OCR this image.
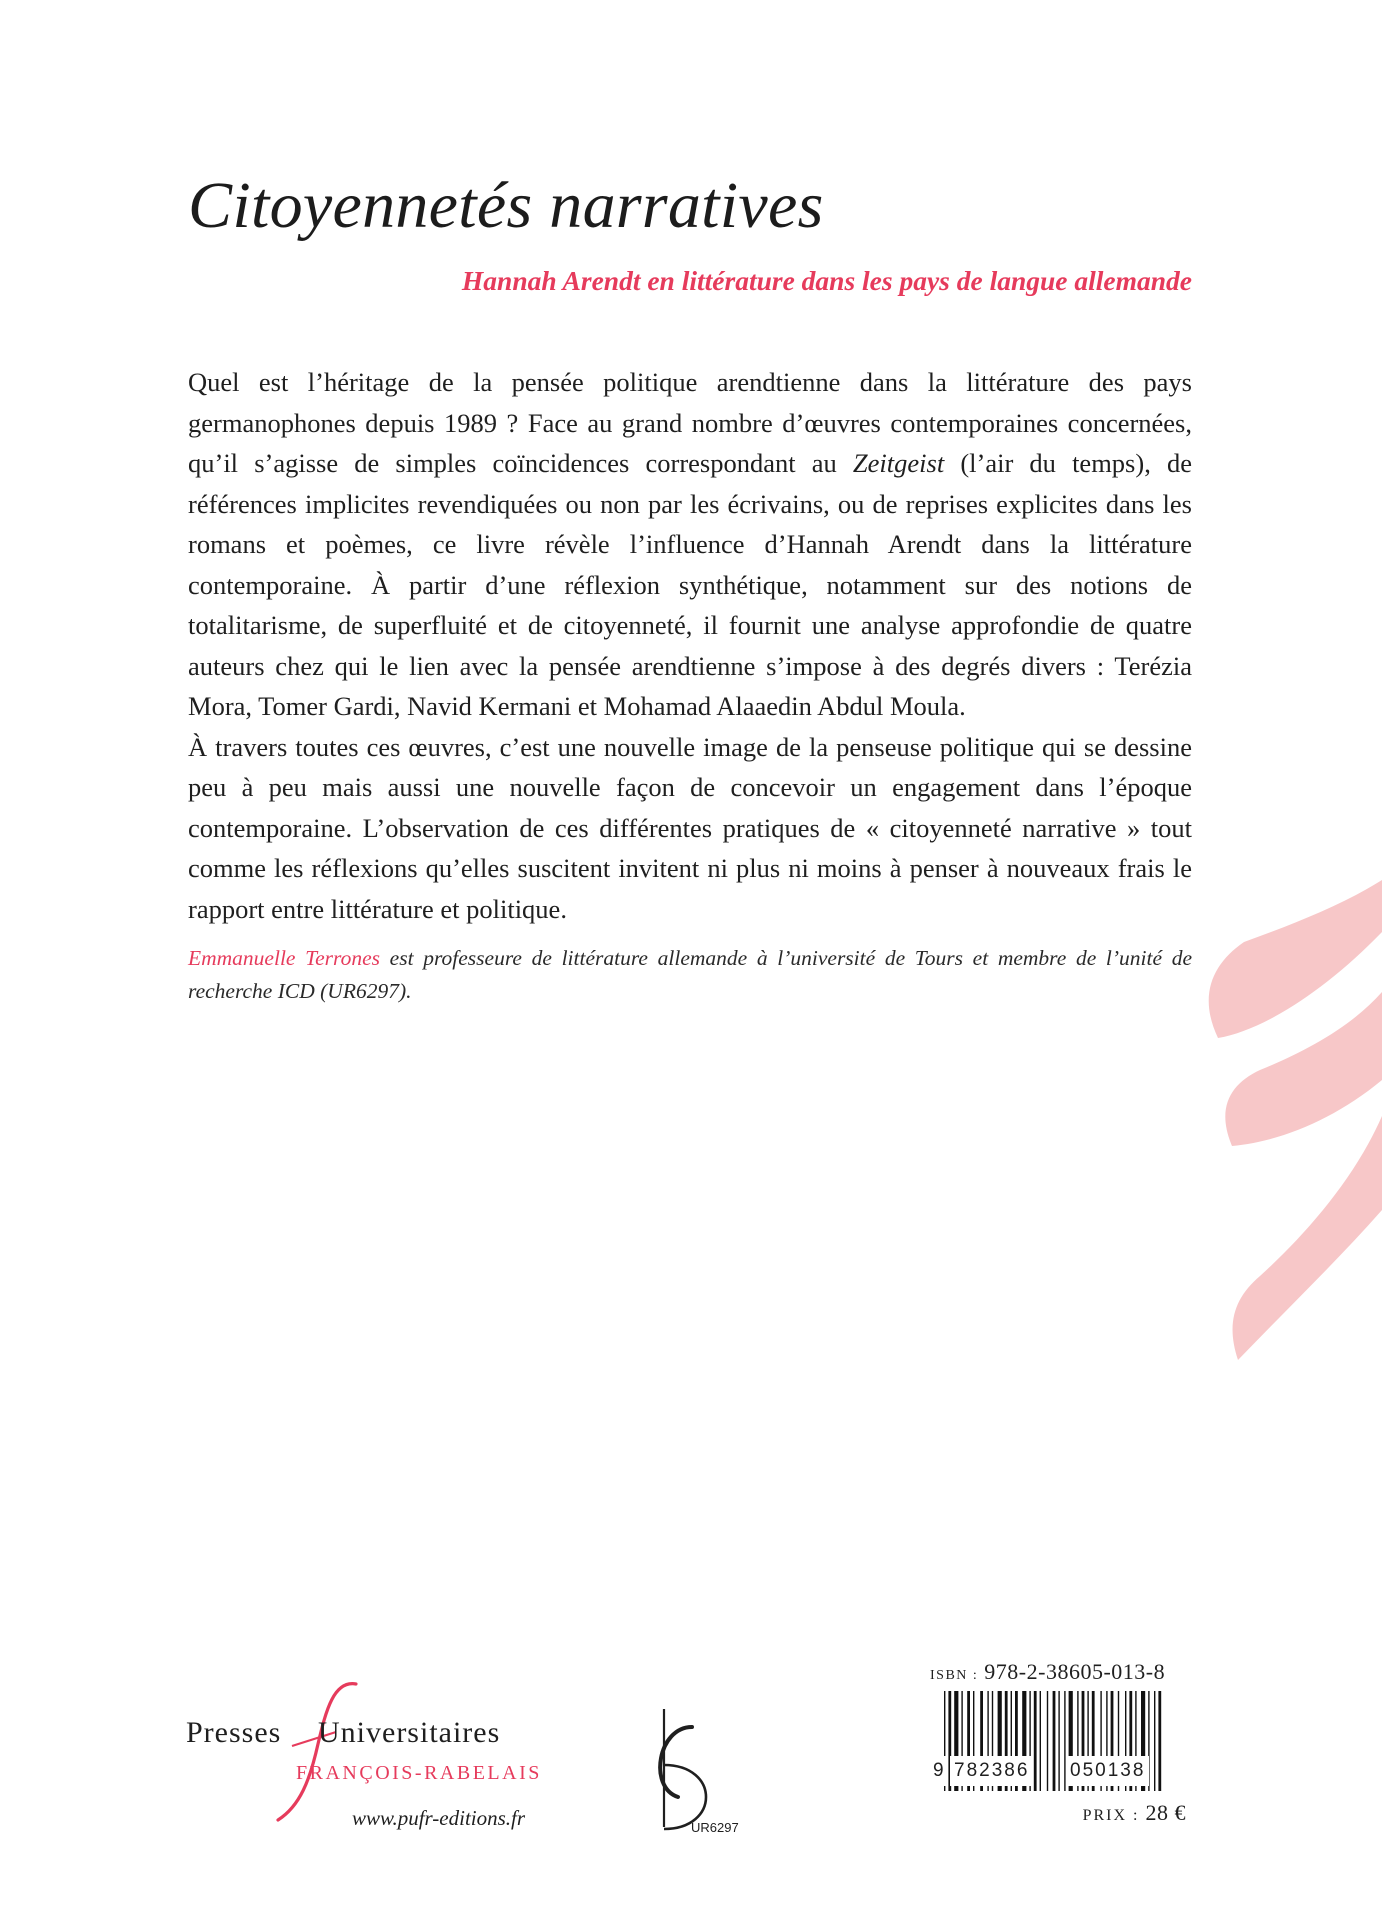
Citoyennetés narratives
Hannah Arendt en littérature dans les pays de langue allemande

Quel est l’héritage de la pensée politique arendtienne dans la littérature des pays germanophones depuis 1989 ? Face au grand nombre d’œuvres contemporaines concernées, qu’il s’agisse de simples coïncidences correspondant au Zeitgeist (l’air du temps), de références implicites revendiquées ou non par les écrivains, ou de reprises explicites dans les romans et poèmes, ce livre révèle l’influence d’Hannah Arendt dans la littérature contemporaine. À partir d’une réflexion synthétique, notamment sur des notions de totalitarisme, de superfluité et de citoyenneté, il fournit une analyse approfondie de quatre auteurs chez qui le lien avec la pensée arendtienne s’impose à des degrés divers : Terézia Mora, Tomer Gardi, Navid Kermani et Mohamad Alaaedin Abdul Moula.

À travers toutes ces œuvres, c’est une nouvelle image de la penseuse politique qui se dessine peu à peu mais aussi une nouvelle façon de concevoir un engagement dans l’époque contemporaine. L’observation de ces différentes pratiques de « citoyenneté narrative » tout comme les réflexions qu’elles suscitent invitent ni plus ni moins à penser à nouveaux frais le rapport entre littérature et politique.

Emmanuelle Terrones est professeure de littérature allemande à l’université de Tours et membre de l’unité de recherche ICD (UR6297).
Presses Universitaires
FRANÇOIS-RABELAIS

www.pufr-editions.fr	UR6297

ISBN : 978-2-38605-013-8

9 782386 050138

PRIX : 28 €
